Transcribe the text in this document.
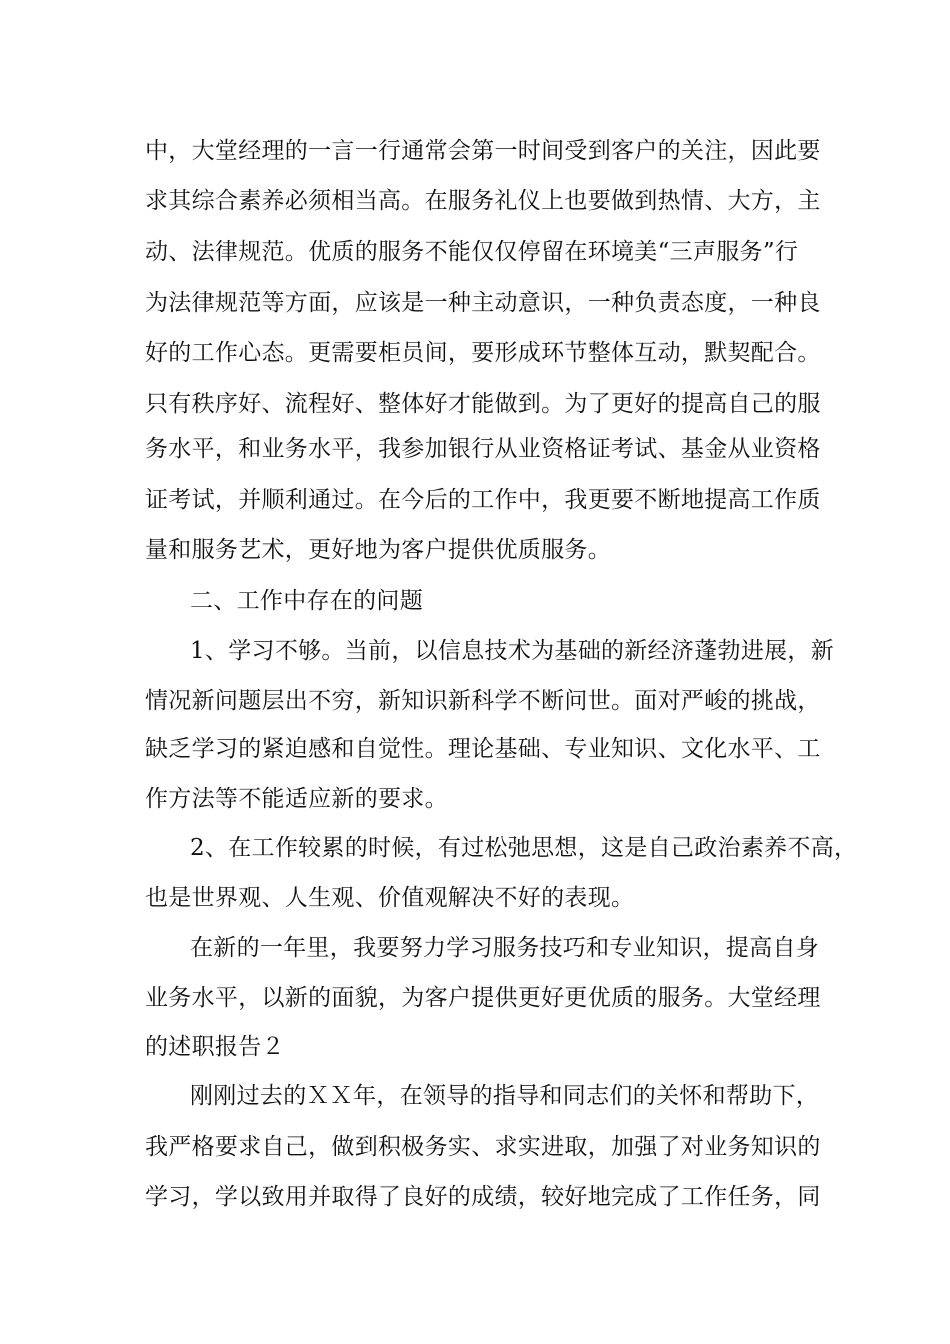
中，大堂经理的一言一行通常会第一时间受到客户的关注，因此要
求其综合素养必须相当高。在服务礼仪上也要做到热情、大方，主
动、法律规范。优质的服务不能仅仅停留在环境美“三声服务”行
为法律规范等方面，应该是一种主动意识，一种负责态度，一种良
好的工作心态。更需要柜员间，要形成环节整体互动，默契配合。
只有秩序好、流程好、整体好才能做到。为了更好的提高自己的服
务水平，和业务水平，我参加银行从业资格证考试、基金从业资格
证考试，并顺利通过。在今后的工作中，我更要不断地提高工作质
量和服务艺术，更好地为客户提供优质服务。
二、工作中存在的问题
1、学习不够。当前，以信息技术为基础的新经济蓬勃进展，新
情况新问题层出不穷，新知识新科学不断问世。面对严峻的挑战，
缺乏学习的紧迫感和自觉性。理论基础、专业知识、文化水平、工
作方法等不能适应新的要求。
2、在工作较累的时候，有过松弛思想，这是自己政治素养不高，
也是世界观、人生观、价值观解决不好的表现。
在新的一年里，我要努力学习服务技巧和专业知识，提高自身
业务水平，以新的面貌，为客户提供更好更优质的服务。大堂经理
的述职报告２
刚刚过去的ＸＸ年，在领导的指导和同志们的关怀和帮助下，
我严格要求自己，做到积极务实、求实进取，加强了对业务知识的
学习，学以致用并取得了良好的成绩，较好地完成了工作任务，同
